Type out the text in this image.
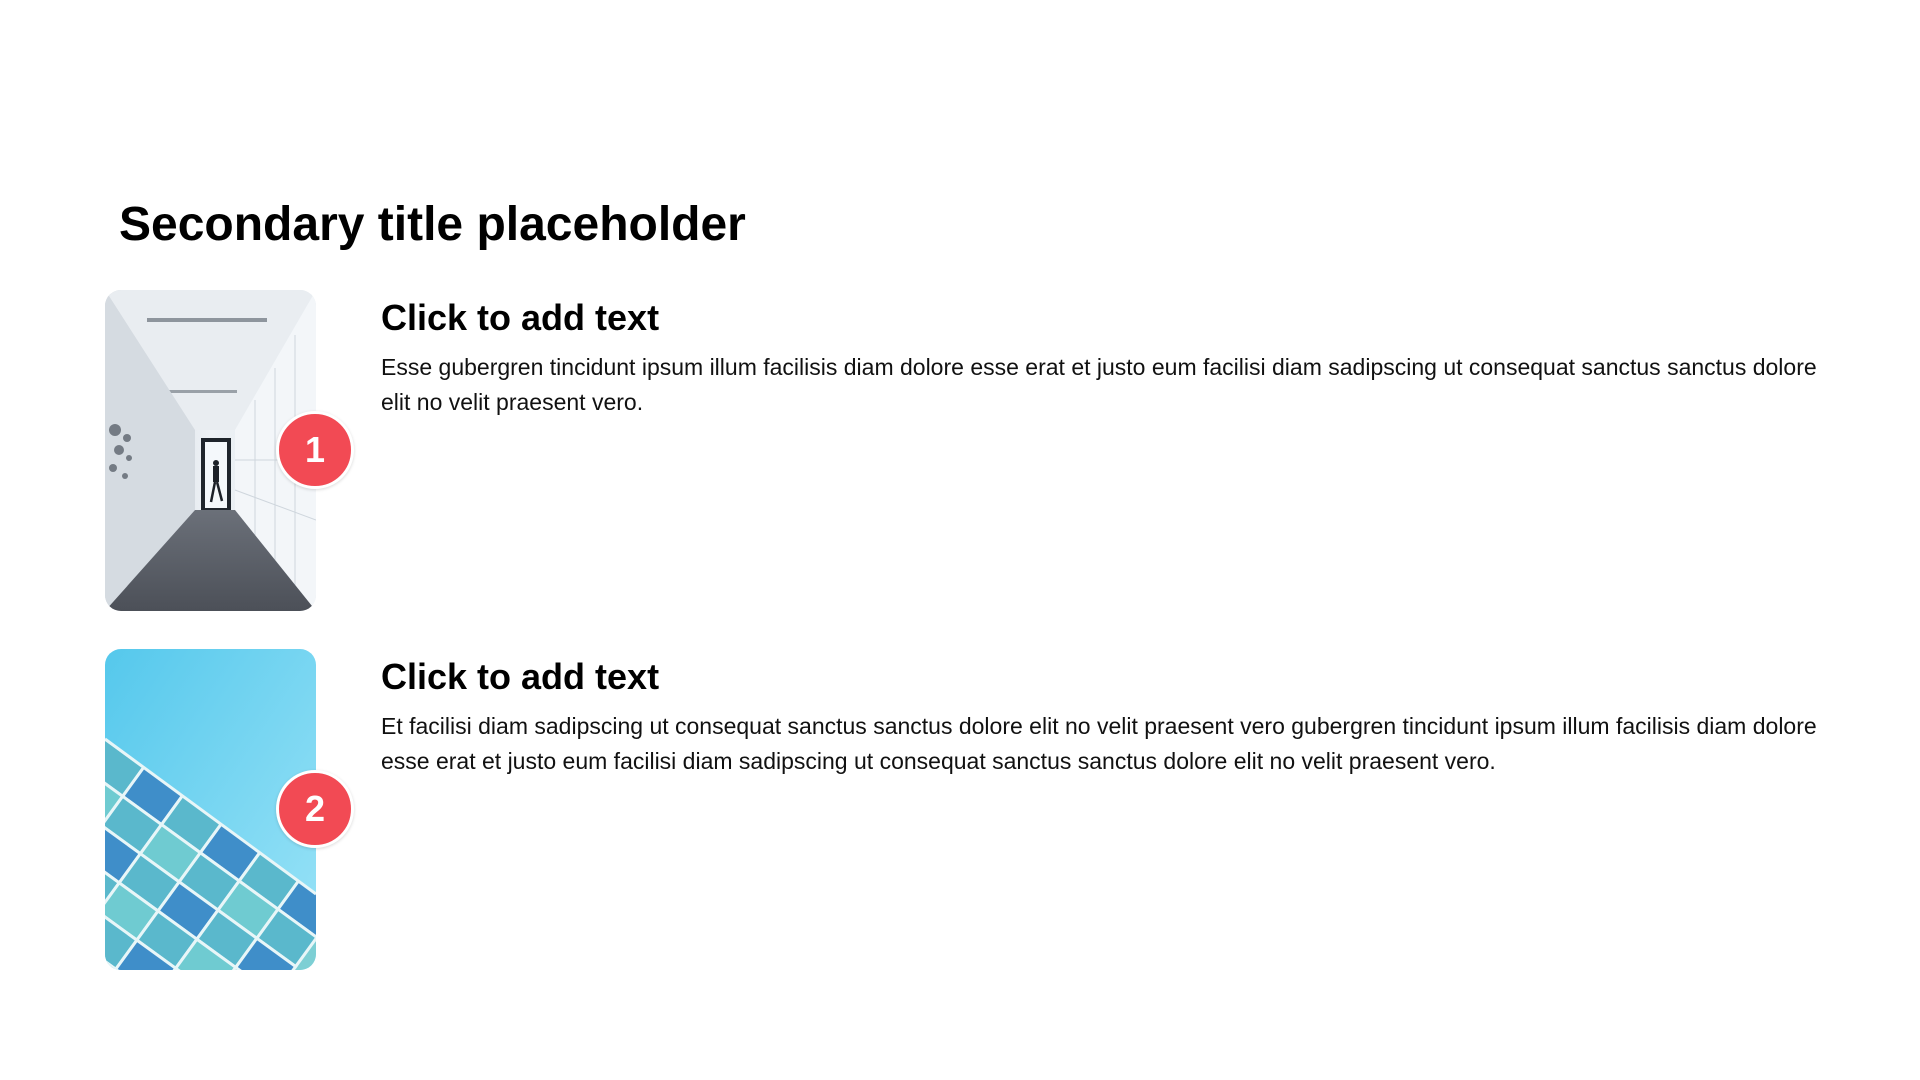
Secondary title placeholder
1
Click to add text

Esse gubergren tincidunt ipsum illum facilisis diam dolore esse erat et justo eum facilisi diam sadipscing ut consequat sanctus sanctus dolore elit no velit praesent vero.

2
Click to add text

Et facilisi diam sadipscing ut consequat sanctus sanctus dolore elit no velit praesent vero gubergren tincidunt ipsum illum facilisis diam dolore esse erat et justo eum facilisi diam sadipscing ut consequat sanctus sanctus dolore elit no velit praesent vero.
